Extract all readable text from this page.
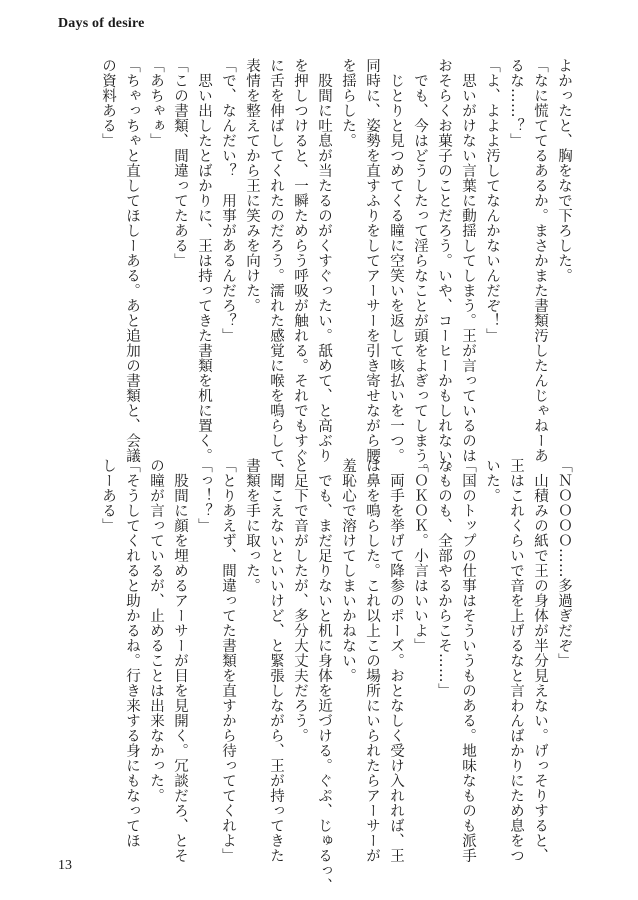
Days of desire
よかったと、胸をなで下ろした。
「なに慌ててるあるか。まさかまた書類汚したんじゃねーあ
るな……？」
「よ、よよよ汚してなんかないんだぞ！」
　思いがけない言葉に動揺してしまう。王が言っているのは
おそらくお菓子のことだろう。いや、コーヒーかもしれない。
　でも、今はどうしたって淫らなことが頭をよぎってしまう。
　じとりと見つめてくる瞳に空笑いを返して咳払いを一つ。
同時に、姿勢を直すふりをしてアーサーを引き寄せながら腰
を揺らした。
　股間に吐息が当たるのがくすぐったい。舐めて、と高ぶり
を押しつけると、一瞬ためらう呼吸が触れる。それでもすぐ
に舌を伸ばしてくれたのだろう。濡れた感覚に喉を鳴らして、
表情を整えてから王に笑みを向けた。
「で、なんだい？　用事があるんだろ？」
　思い出したとばかりに、王は持ってきた書類を机に置く。
「この書類、間違ってたある」
「あちゃぁ」
「ちゃっちゃと直してほしーある。あと追加の書類と、会議
の資料ある」
「ＮＯＯＯＯ……多過ぎだぞ」
　山積みの紙で王の身体が半分見えない。げっそりすると、
王はこれくらいで音を上げるなと言わんばかりにため息をつ
いた。
「国のトップの仕事はそういうものある。地味なものも派手
なものも、全部やるからこそ……」
「ＯＫＯＫ。小言はいいよ」
　両手を挙げて降参のポーズ。おとなしく受け入れれば、王
は鼻を鳴らした。これ以上この場所にいられたらアーサーが
羞恥心で溶けてしまいかねない。
　でも、まだ足りないと机に身体を近づける。ぐぷ、じゅるっ、
と足下で音がしたが、多分大丈夫だろう。
　聞こえないといいけど、と緊張しながら、王が持ってきた
書類を手に取った。
「とりあえず、間違ってた書類を直すから待っててくれよ」
「っ！？」
　股間に顔を埋めるアーサーが目を見開く。冗談だろ、とそ
の瞳が言っているが、止めることは出来なかった。
「そうしてくれると助かるね。行き来する身にもなってほ
しーある」
13
